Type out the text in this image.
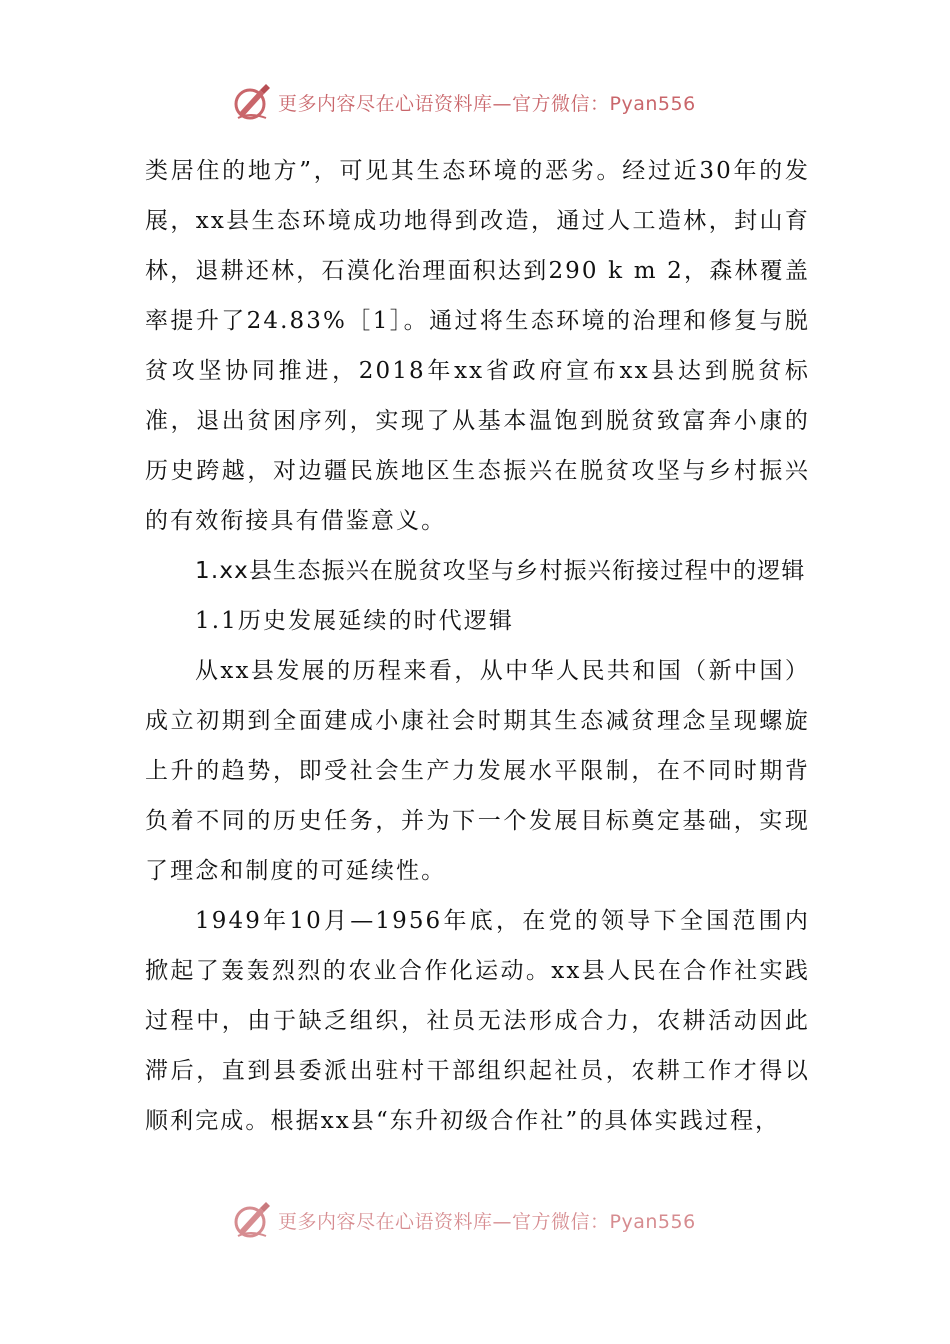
更多内容尽在心语资料库—官方微信：Pyan556

类居住的地方”，可见其生态环境的恶劣。经过近30年的发展，xx县生态环境成功地得到改造，通过人工造林，封山育林，退耕还林，石漠化治理面积达到290 k m 2，森林覆盖率提升了24.83%［1］。通过将生态环境的治理和修复与脱贫攻坚协同推进，2018年xx省政府宣布xx县达到脱贫标准，退出贫困序列，实现了从基本温饱到脱贫致富奔小康的历史跨越，对边疆民族地区生态振兴在脱贫攻坚与乡村振兴的有效衔接具有借鉴意义。

1.xx县生态振兴在脱贫攻坚与乡村振兴衔接过程中的逻辑
1.1历史发展延续的时代逻辑

从xx县发展的历程来看，从中华人民共和国（新中国）成立初期到全面建成小康社会时期其生态减贫理念呈现螺旋上升的趋势，即受社会生产力发展水平限制，在不同时期背负着不同的历史任务，并为下一个发展目标奠定基础，实现了理念和制度的可延续性。

1949年10月—1956年底，在党的领导下全国范围内掀起了轰轰烈烈的农业合作化运动。xx县人民在合作社实践过程中，由于缺乏组织，社员无法形成合力，农耕活动因此滞后，直到县委派出驻村干部组织起社员，农耕工作才得以顺利完成。根据xx县“东升初级合作社”的具体实践过程，

更多内容尽在心语资料库—官方微信：Pyan556
